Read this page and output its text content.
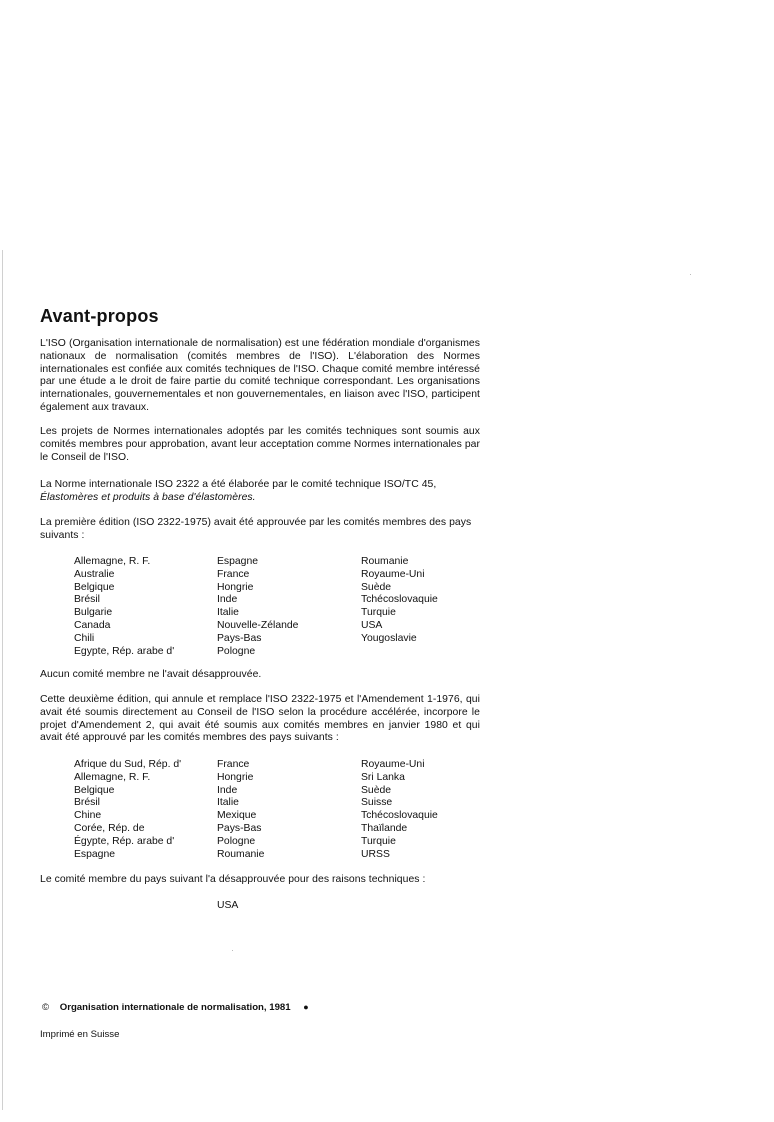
Avant-propos

L'ISO (Organisation internationale de normalisation) est une fédération mondiale d'organismes nationaux de normalisation (comités membres de l'ISO). L'élaboration des Normes internationales est confiée aux comités techniques de l'ISO. Chaque comité membre intéressé par une étude a le droit de faire partie du comité technique correspondant. Les organisations internationales, gouvernementales et non gouvernementales, en liaison avec l'ISO, participent également aux travaux.

Les projets de Normes internationales adoptés par les comités techniques sont soumis aux comités membres pour approbation, avant leur acceptation comme Normes internationales par le Conseil de l'ISO.

La Norme internationale ISO 2322 a été élaborée par le comité technique ISO/TC 45,
Élastomères et produits à base d'élastomères.

La première édition (ISO 2322-1975) avait été approuvée par les comités membres des pays suivants :

Allemagne, R. F.
Australie
Belgique
Brésil
Bulgarie
Canada
Chili
Egypte, Rép. arabe d'
Espagne
France
Hongrie
Inde
Italie
Nouvelle-Zélande
Pays-Bas
Pologne
Roumanie
Royaume-Uni
Suède
Tchécoslovaquie
Turquie
USA
Yougoslavie

Aucun comité membre ne l'avait désapprouvée.

Cette deuxième édition, qui annule et remplace l'ISO 2322-1975 et l'Amendement 1-1976, qui avait été soumis directement au Conseil de l'ISO selon la procédure accélérée, incorpore le projet d'Amendement 2, qui avait été soumis aux comités membres en janvier 1980 et qui avait été approuvé par les comités membres des pays suivants :

Afrique du Sud, Rép. d'
Allemagne, R. F.
Belgique
Brésil
Chine
Corée, Rép. de
Égypte, Rép. arabe d'
Espagne
France
Hongrie
Inde
Italie
Mexique
Pays-Bas
Pologne
Roumanie
Royaume-Uni
Sri Lanka
Suède
Suisse
Tchécoslovaquie
Thaïlande
Turquie
URSS

Le comité membre du pays suivant l'a désapprouvée pour des raisons techniques :

USA
© Organisation internationale de normalisation, 1981 ●
Imprimé en Suisse
